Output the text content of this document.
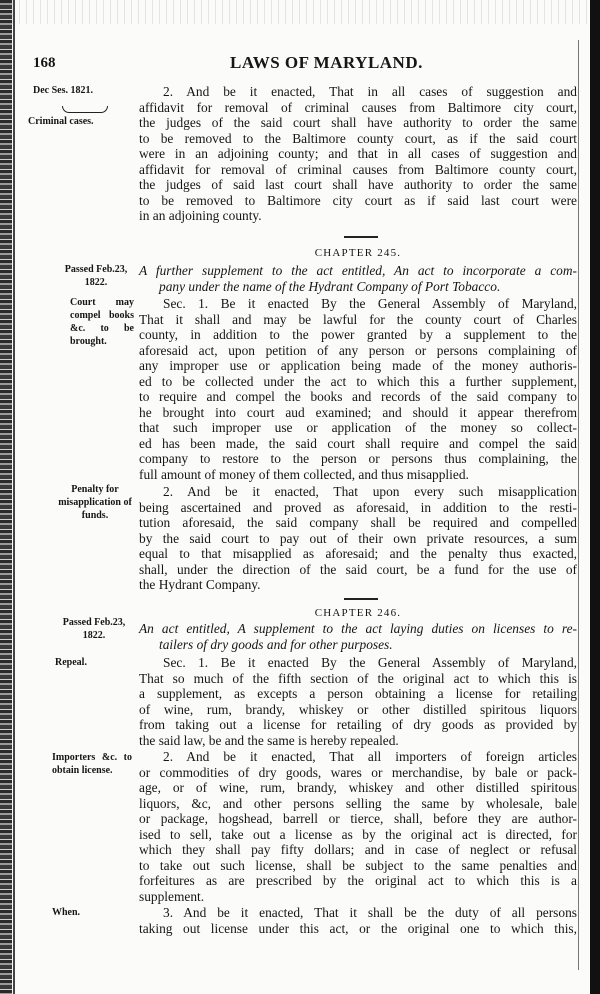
168	LAWS OF MARYLAND.
Dec Ses. 1821.
Criminal cases.
2. And be it enacted, That in all cases of suggestion and
affidavit for removal of criminal causes from Baltimore city court,
the judges of the said court shall have authority to order the same
to be removed to the Baltimore county court, as if the said court
were in an adjoining county; and that in all cases of suggestion and
affidavit for removal of criminal causes from Baltimore county court,
the judges of said last court shall have authority to order the same
to be removed to Baltimore city court as if said last court were
in an adjoining county.
CHAPTER 245.
Passed Feb.23, 1822.
A further supplement to the act entitled, An act to incorporate a com-
pany under the name of the Hydrant Company of Port Tobacco.
Court may compel books &c. to be brought.
Sec. 1. Be it enacted By the General Assembly of Maryland,
That it shall and may be lawful for the county court of Charles
county, in addition to the power granted by a supplement to the
aforesaid act, upon petition of any person or persons complaining of
any improper use or application being made of the money authoris-
ed to be collected under the act to which this a further supplement,
to require and compel the books and records of the said company to
he brought into court aud examined; and should it appear therefrom
that such improper use or application of the money so collect-
ed has been made, the said court shall require and compel the said
company to restore to the person or persons thus complaining, the
full amount of money of them collected, and thus misapplied.
Penalty for misapplication of funds.
2. And be it enacted, That upon every such misapplication
being ascertained and proved as aforesaid, in addition to the resti-
tution aforesaid, the said company shall be required and compelled
by the said court to pay out of their own private resources, a sum
equal to that misapplied as aforesaid; and the penalty thus exacted,
shall, under the direction of the said court, be a fund for the use of
the Hydrant Company.
CHAPTER 246.
Passed Feb.23, 1822.	An act entitled, A supplement to the act laying duties on licenses to re-
tailers of dry goods and for other purposes.
Repeal.	Sec. 1. Be it enacted By the General Assembly of Maryland,
That so much of the fifth section of the original act to which this is
a supplement, as excepts a person obtaining a license for retailing
of wine, rum, brandy, whiskey or other distilled spiritous liquors
from taking out a license for retailing of dry goods as provided by
the said law, be and the same is hereby repealed.
Importers &c. to obtain license.
2. And be it enacted, That all importers of foreign articles
or commodities of dry goods, wares or merchandise, by bale or pack-
age, or of wine, rum, brandy, whiskey and other distilled spiritous
liquors, &c, and other persons selling the same by wholesale, bale
or package, hogshead, barrell or tierce, shall, before they are author-
ised to sell, take out a license as by the original act is directed, for
which they shall pay fifty dollars; and in case of neglect or refusal
to take out such license, shall be subject to the same penalties and
forfeitures as are prescribed by the original act to which this is a
supplement.
When.	3. And be it enacted, That it shall be the duty of all persons
taking out license under this act, or the original one to which this,
